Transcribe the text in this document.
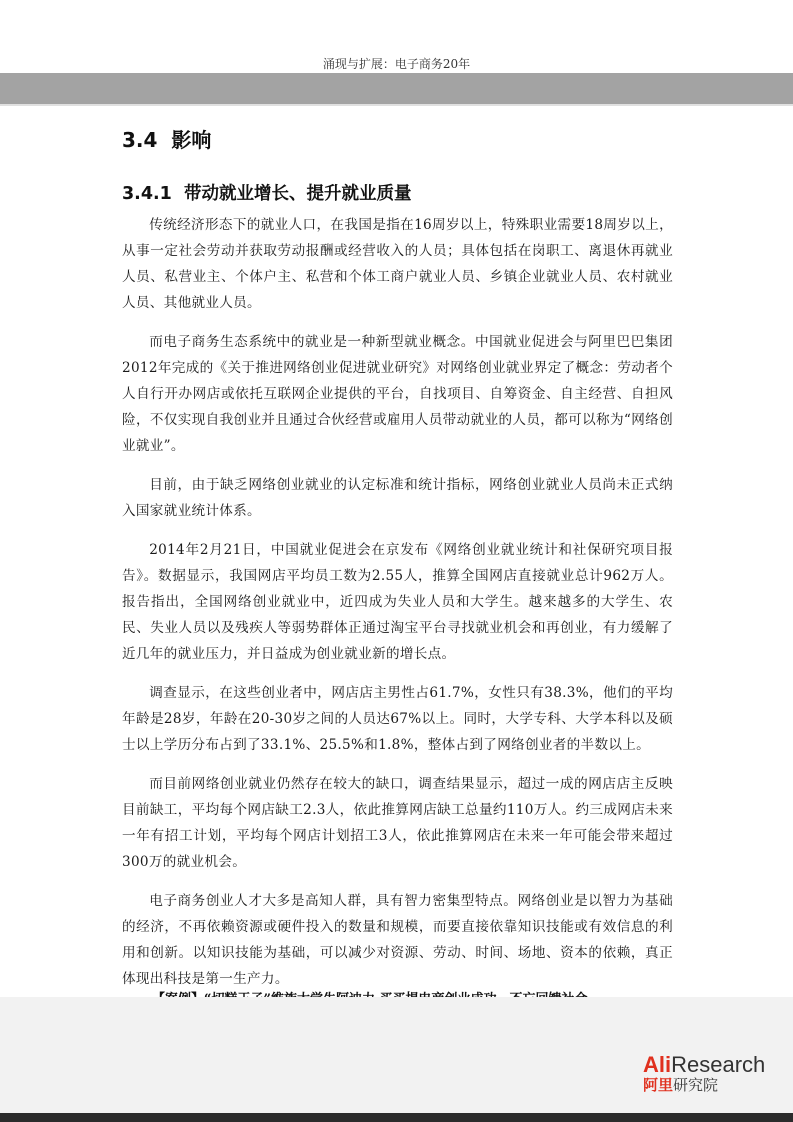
涌现与扩展：电子商务20年
3.4  影响
3.4.1  带动就业增长、提升就业质量

传统经济形态下的就业人口，在我国是指在16周岁以上，特殊职业需要18周岁以上，从事一定社会劳动并获取劳动报酬或经营收入的人员；具体包括在岗职工、离退休再就业人员、私营业主、个体户主、私营和个体工商户就业人员、乡镇企业就业人员、农村就业人员、其他就业人员。

而电子商务生态系统中的就业是一种新型就业概念。中国就业促进会与阿里巴巴集团2012年完成的《关于推进网络创业促进就业研究》对网络创业就业界定了概念：劳动者个人自行开办网店或依托互联网企业提供的平台，自找项目、自筹资金、自主经营、自担风险，不仅实现自我创业并且通过合伙经营或雇用人员带动就业的人员，都可以称为“网络创业就业”。

目前，由于缺乏网络创业就业的认定标准和统计指标，网络创业就业人员尚未正式纳入国家就业统计体系。

2014年2月21日，中国就业促进会在京发布《网络创业就业统计和社保研究项目报告》。数据显示，我国网店平均员工数为2.55人，推算全国网店直接就业总计962万人。报告指出，全国网络创业就业中，近四成为失业人员和大学生。越来越多的大学生、农民、失业人员以及残疾人等弱势群体正通过淘宝平台寻找就业机会和再创业，有力缓解了近几年的就业压力，并日益成为创业就业新的增长点。

调查显示，在这些创业者中，网店店主男性占61.7%，女性只有38.3%，他们的平均年龄是28岁，年龄在20-30岁之间的人员达67%以上。同时，大学专科、大学本科以及硕士以上学历分布占到了33.1%、25.5%和1.8%，整体占到了网络创业者的半数以上。

而目前网络创业就业仍然存在较大的缺口，调查结果显示，超过一成的网店店主反映目前缺工，平均每个网店缺工2.3人，依此推算网店缺工总量约110万人。约三成网店未来一年有招工计划，平均每个网店计划招工3人，依此推算网店在未来一年可能会带来超过300万的就业机会。

电子商务创业人才大多是高知人群，具有智力密集型特点。网络创业是以智力为基础的经济，不再依赖资源或硬件投入的数量和规模，而要直接依靠知识技能或有效信息的利用和创新。以知识技能为基础，可以减少对资源、劳动、时间、场地、资本的依赖，真正体现出科技是第一生产力。

AliResearch
阿里研究院
